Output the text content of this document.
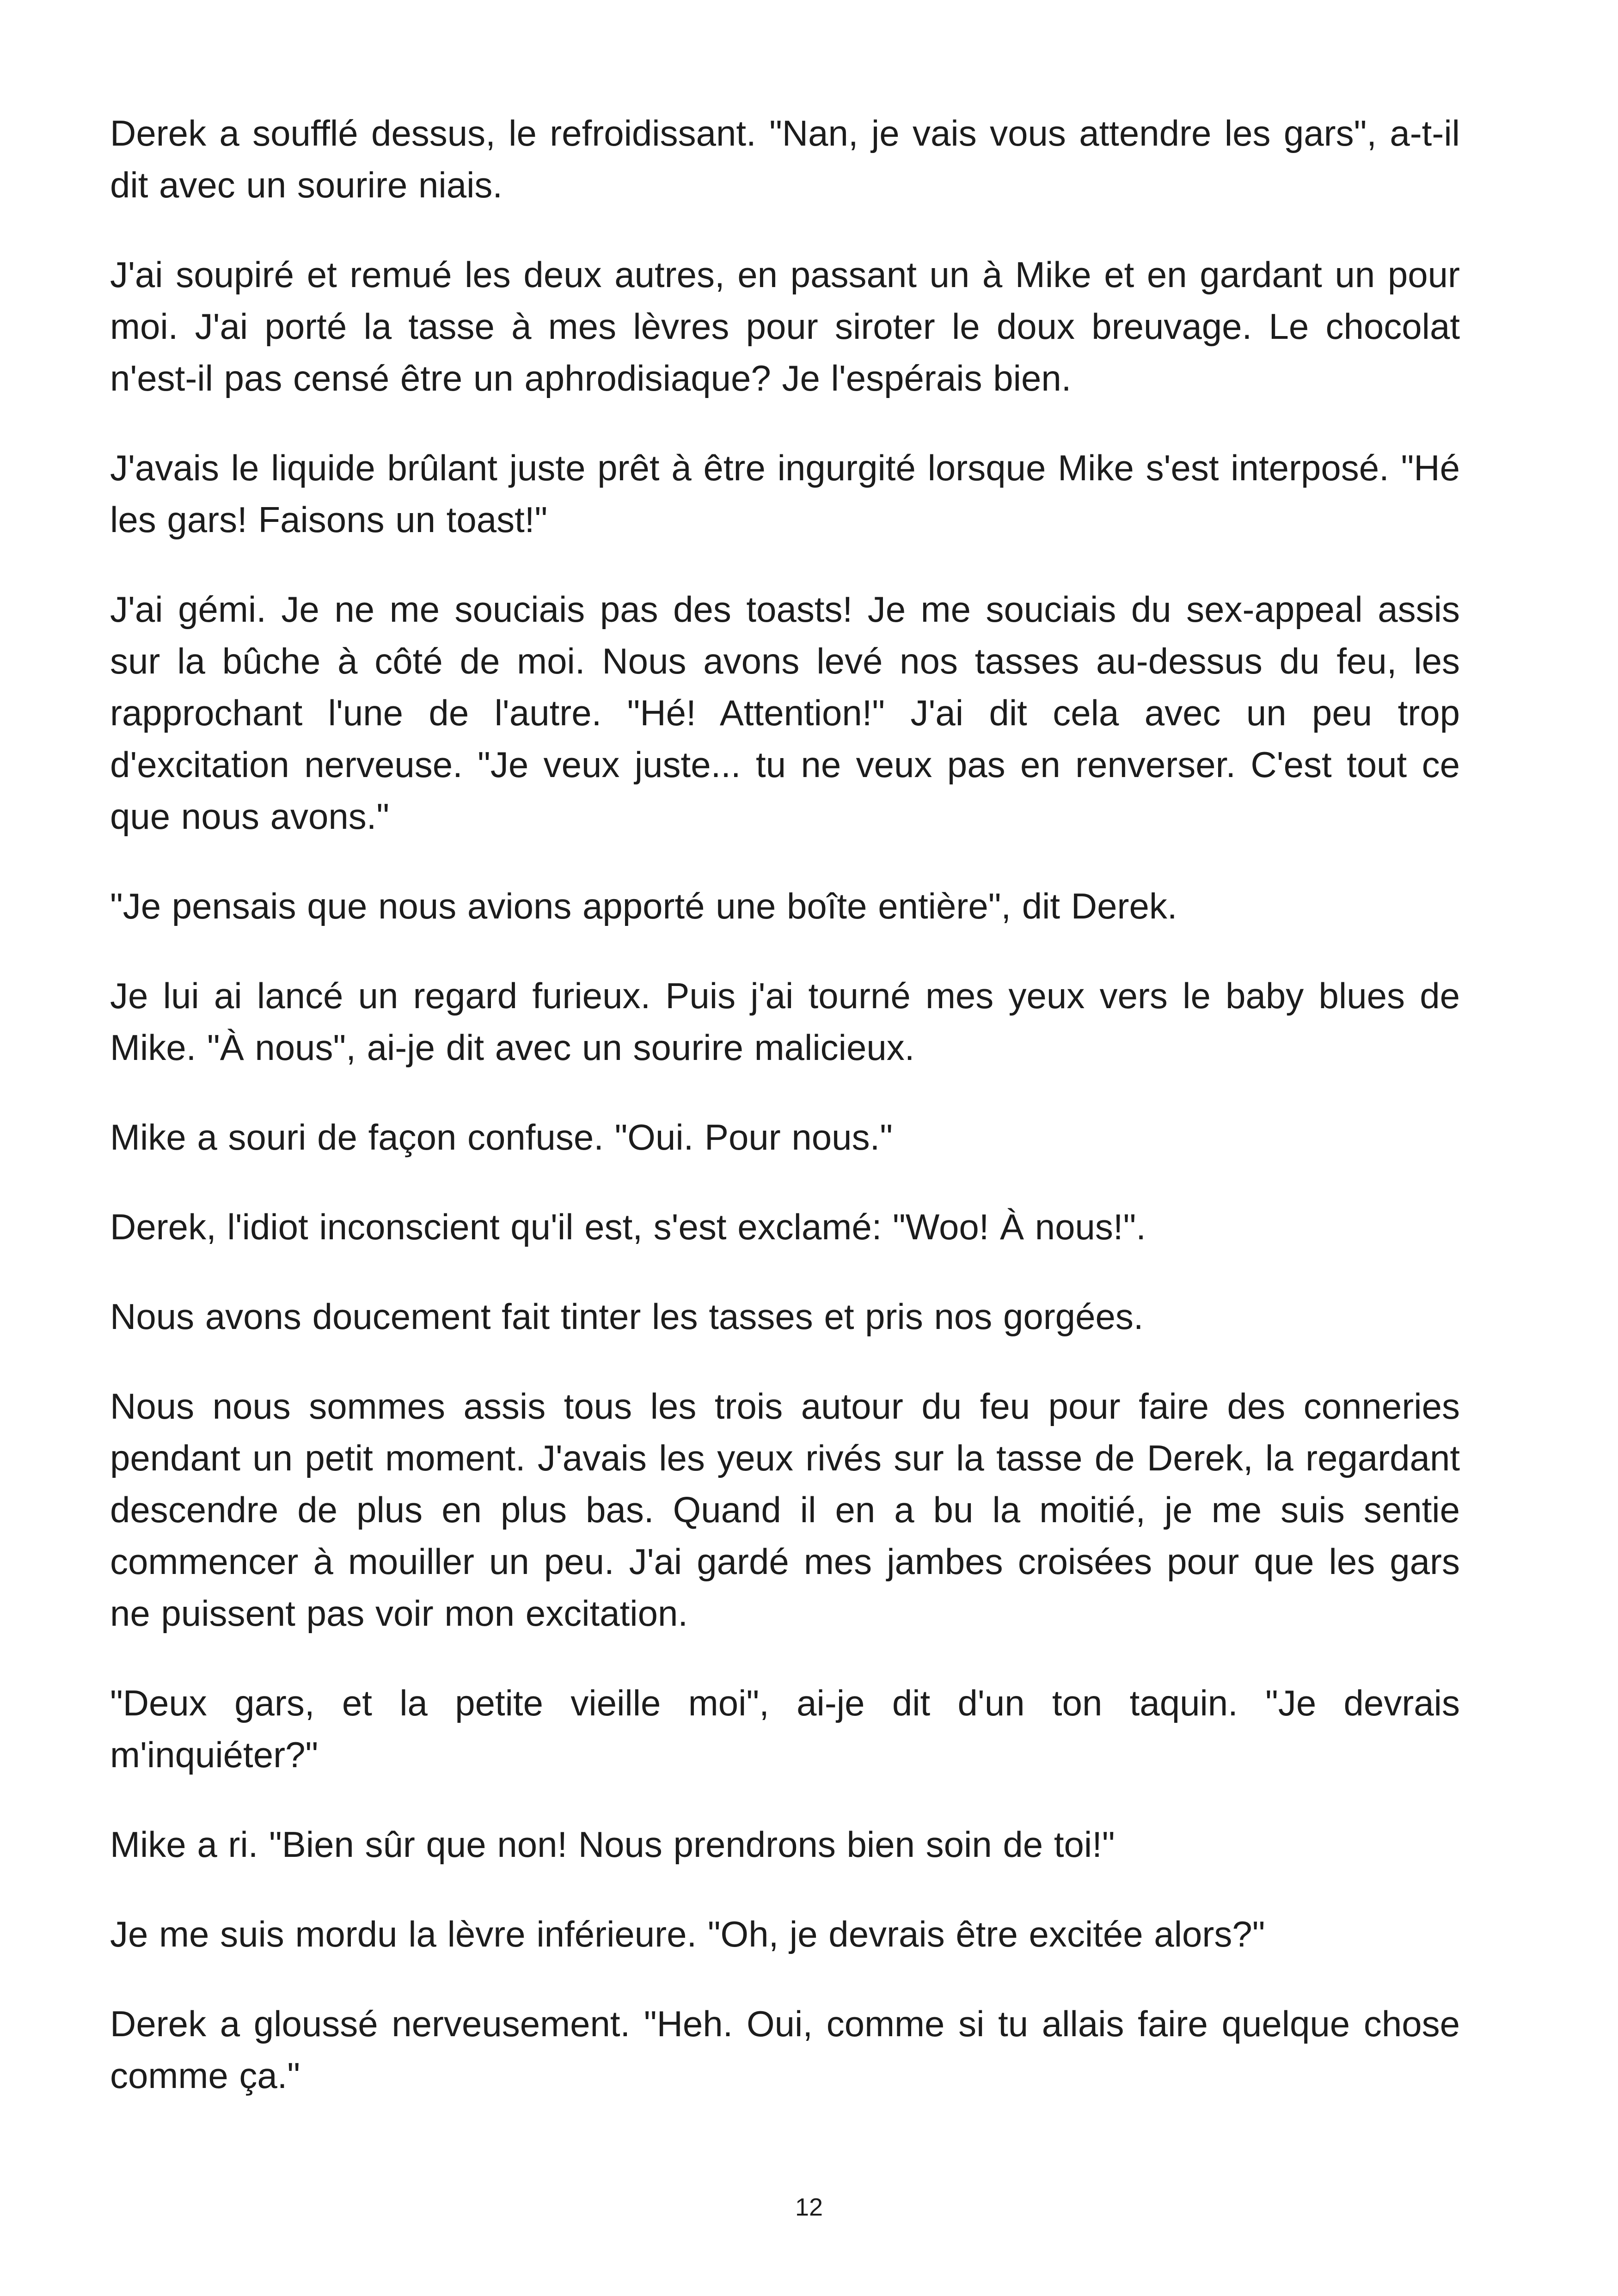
Derek a soufflé dessus, le refroidissant. "Nan, je vais vous attendre les gars", a-t-il dit avec un sourire niais.

J'ai soupiré et remué les deux autres, en passant un à Mike et en gardant un pour moi. J'ai porté la tasse à mes lèvres pour siroter le doux breuvage. Le chocolat n'est-il pas censé être un aphrodisiaque? Je l'espérais bien.

J'avais le liquide brûlant juste prêt à être ingurgité lorsque Mike s'est interposé. "Hé les gars! Faisons un toast!"

J'ai gémi. Je ne me souciais pas des toasts! Je me souciais du sex-appeal assis sur la bûche à côté de moi. Nous avons levé nos tasses au-dessus du feu, les rapprochant l'une de l'autre. "Hé! Attention!" J'ai dit cela avec un peu trop d'excitation nerveuse. "Je veux juste... tu ne veux pas en renverser. C'est tout ce que nous avons."

"Je pensais que nous avions apporté une boîte entière", dit Derek.

Je lui ai lancé un regard furieux. Puis j'ai tourné mes yeux vers le baby blues de Mike. "À nous", ai-je dit avec un sourire malicieux.

Mike a souri de façon confuse. "Oui. Pour nous."

Derek, l'idiot inconscient qu'il est, s'est exclamé: "Woo! À nous!".

Nous avons doucement fait tinter les tasses et pris nos gorgées.

Nous nous sommes assis tous les trois autour du feu pour faire des conneries pendant un petit moment. J'avais les yeux rivés sur la tasse de Derek, la regardant descendre de plus en plus bas. Quand il en a bu la moitié, je me suis sentie commencer à mouiller un peu. J'ai gardé mes jambes croisées pour que les gars ne puissent pas voir mon excitation.

"Deux gars, et la petite vieille moi", ai-je dit d'un ton taquin. "Je devrais m'inquiéter?"

Mike a ri. "Bien sûr que non! Nous prendrons bien soin de toi!"

Je me suis mordu la lèvre inférieure. "Oh, je devrais être excitée alors?"

Derek a gloussé nerveusement. "Heh. Oui, comme si tu allais faire quelque chose comme ça."

12
